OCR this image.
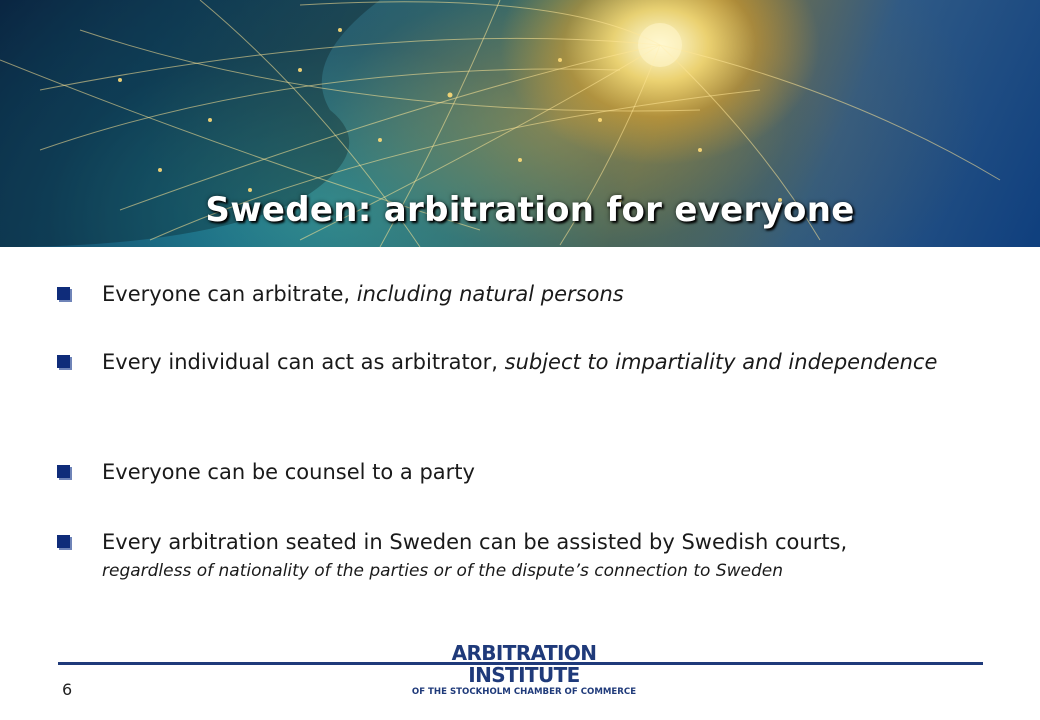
Sweden: arbitration for everyone
Everyone can arbitrate, including natural persons
Every individual can act as arbitrator, subject to impartiality and independence
Everyone can be counsel to a party
Every arbitration seated in Sweden can be assisted by Swedish courts,
regardless of nationality of the parties or of the dispute’s connection to Sweden
ARBITRATION INSTITUTE
OF THE STOCKHOLM CHAMBER OF COMMERCE
6
